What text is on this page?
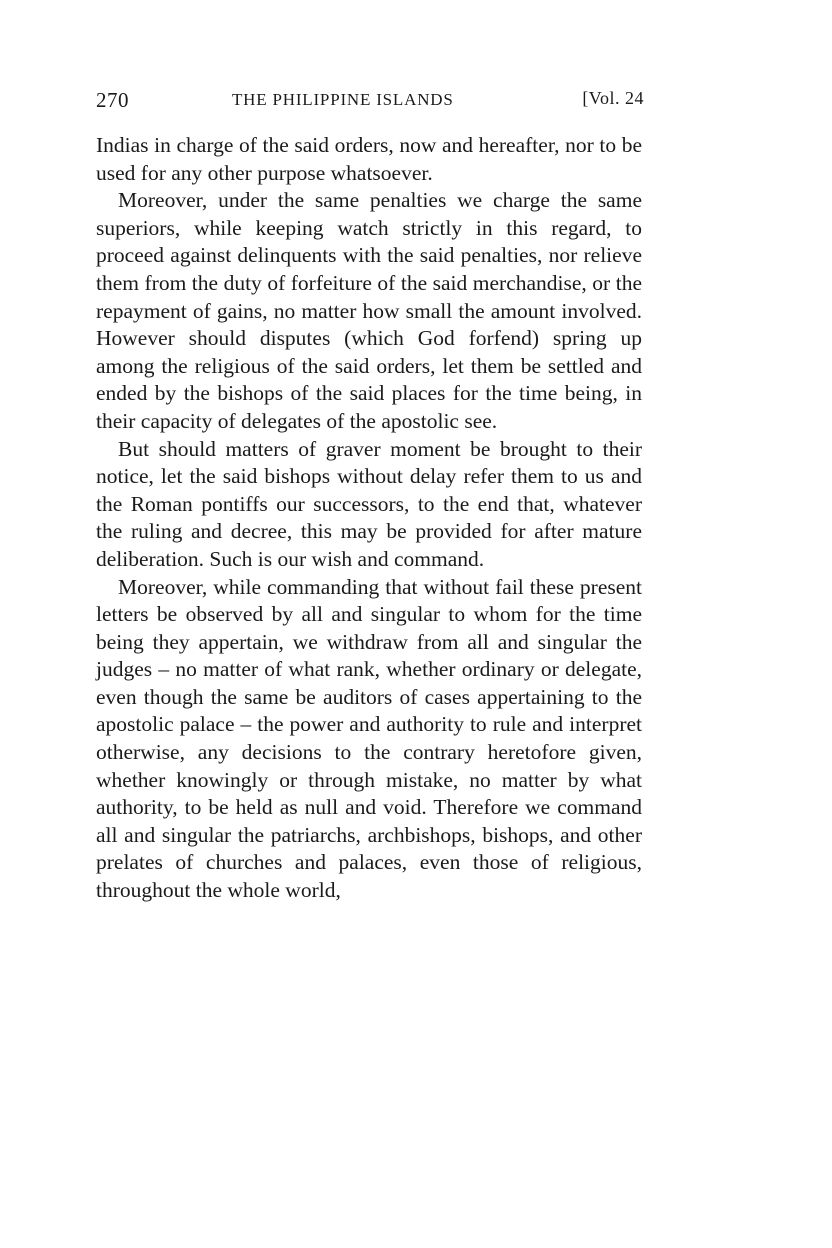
270	THE PHILIPPINE ISLANDS	[Vol. 24

Indias in charge of the said orders, now and hereafter, nor to be used for any other purpose whatsoever.

Moreover, under the same penalties we charge the same superiors, while keeping watch strictly in this regard, to proceed against delinquents with the said penalties, nor relieve them from the duty of forfeiture of the said merchandise, or the repayment of gains, no matter how small the amount involved. However should disputes (which God forfend) spring up among the religious of the said orders, let them be settled and ended by the bishops of the said places for the time being, in their capacity of delegates of the apostolic see.

But should matters of graver moment be brought to their notice, let the said bishops without delay refer them to us and the Roman pontiffs our successors, to the end that, whatever the ruling and decree, this may be provided for after mature deliberation. Such is our wish and command.

Moreover, while commanding that without fail these present letters be observed by all and singular to whom for the time being they appertain, we withdraw from all and singular the judges – no matter of what rank, whether ordinary or delegate, even though the same be auditors of cases appertaining to the apostolic palace – the power and authority to rule and interpret otherwise, any decisions to the contrary heretofore given, whether knowingly or through mistake, no matter by what authority, to be held as null and void. Therefore we command all and singular the patriarchs, archbishops, bishops, and other prelates of churches and palaces, even those of religious, throughout the whole world,
